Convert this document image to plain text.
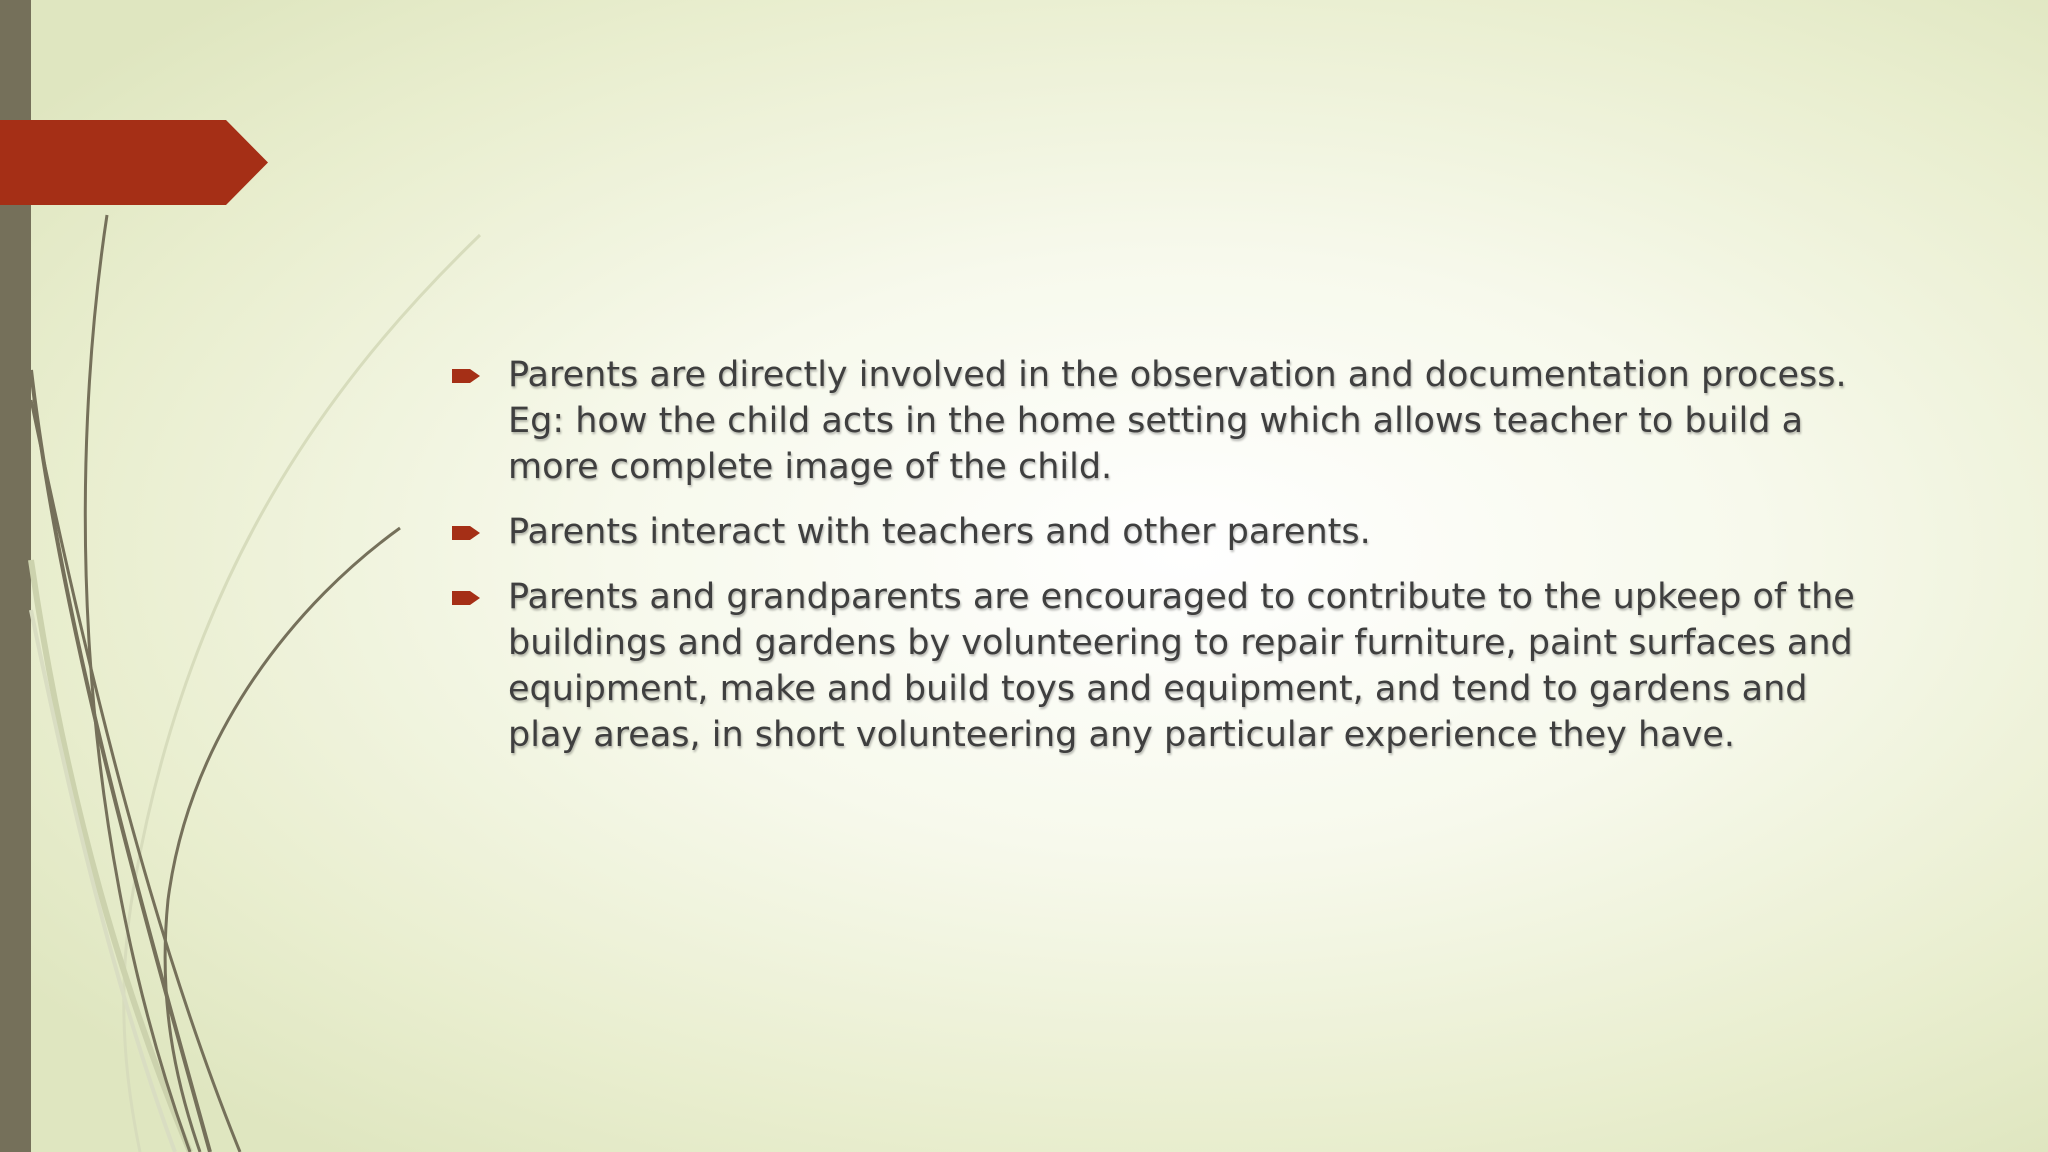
Parents are directly involved in the observation and documentation process. Eg: how the child acts in the home setting which allows teacher to build a more complete image of the child.
Parents interact with teachers and other parents.
Parents and grandparents are encouraged to contribute to the upkeep of the buildings and gardens by volunteering to repair furniture, paint surfaces and equipment, make and build toys and equipment, and tend to gardens and play areas, in short volunteering any particular experience they have.
